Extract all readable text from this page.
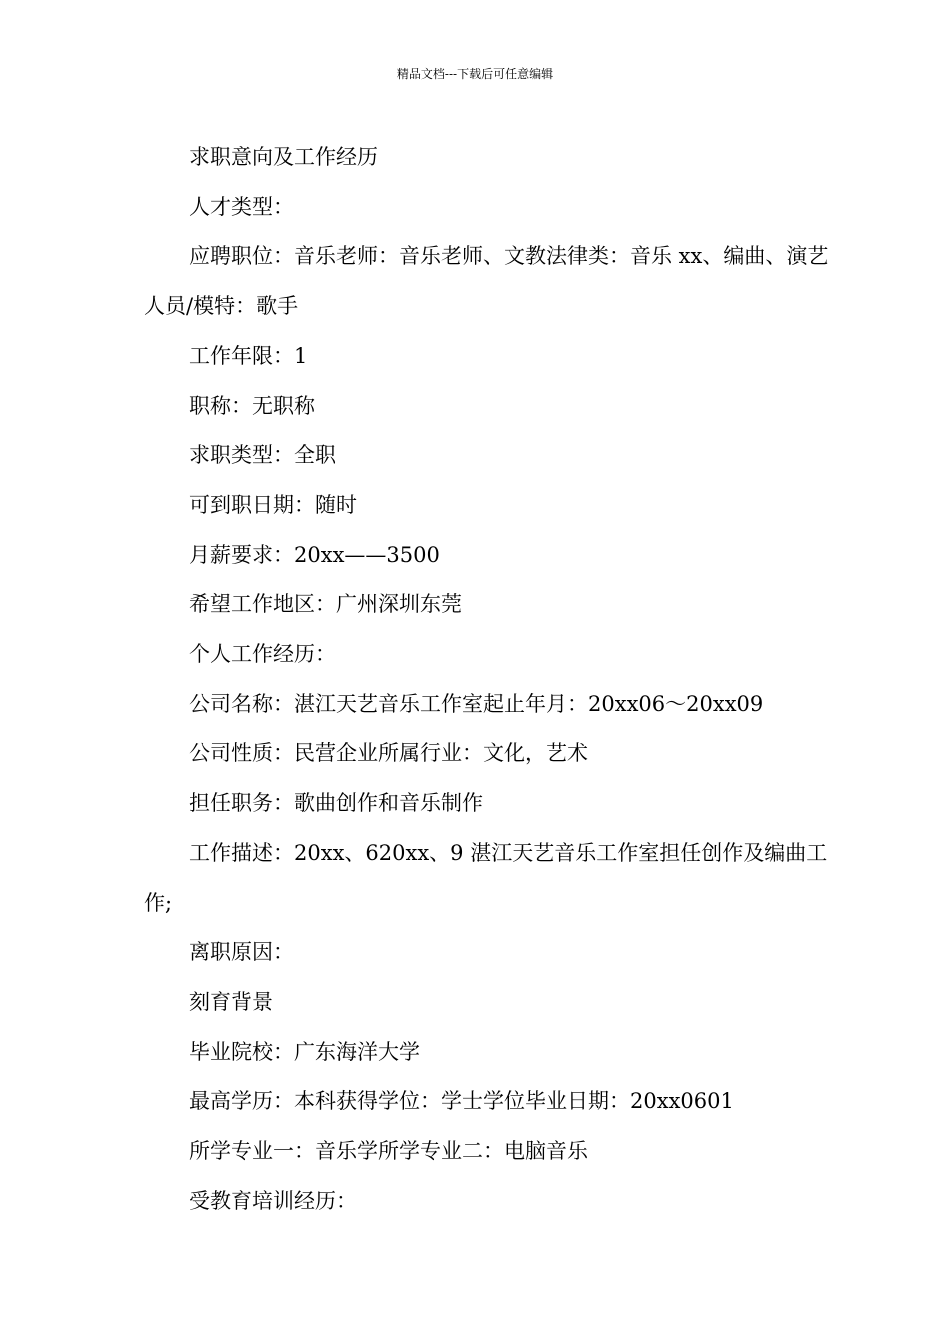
精品文档---下载后可任意编辑

求职意向及工作经历

人才类型：

应聘职位：音乐老师：音乐老师、文教法律类：音乐 xx、编曲、演艺人员/模特：歌手

工作年限：1

职称：无职称

求职类型：全职

可到职日期：随时

月薪要求：20xx——3500

希望工作地区：广州深圳东莞

个人工作经历：

公司名称：湛江天艺音乐工作室起止年月：20xx06～20xx09

公司性质：民营企业所属行业：文化，艺术

担任职务：歌曲创作和音乐制作

工作描述：20xx、620xx、9 湛江天艺音乐工作室担任创作及编曲工作;

离职原因：

刻育背景

毕业院校：广东海洋大学

最高学历：本科获得学位：学士学位毕业日期：20xx0601

所学专业一：音乐学所学专业二：电脑音乐

受教育培训经历：
